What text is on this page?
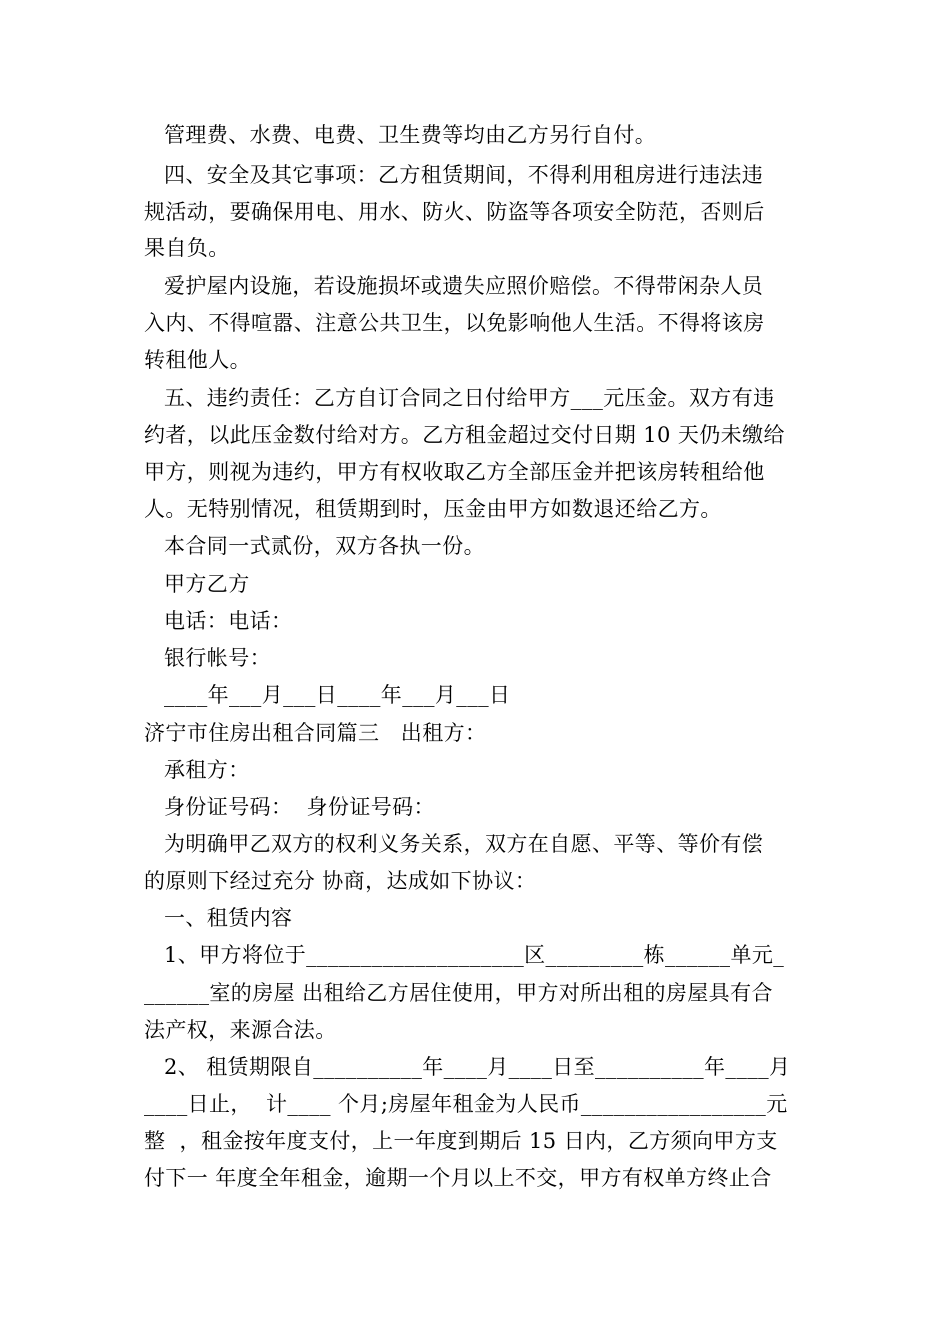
管理费、水费、电费、卫生费等均由乙方另行自付。
四、安全及其它事项：乙方租赁期间，不得利用租房进行违法违
规活动，要确保用电、用水、防火、防盗等各项安全防范，否则后
果自负。
爱护屋内设施，若设施损坏或遗失应照价赔偿。不得带闲杂人员
入内、不得喧嚣、注意公共卫生，以免影响他人生活。不得将该房
转租他人。
五、违约责任：乙方自订合同之日付给甲方___元压金。双方有违
约者，以此压金数付给对方。乙方租金超过交付日期 10 天仍未缴给
甲方，则视为违约，甲方有权收取乙方全部压金并把该房转租给他
人。无特别情况，租赁期到时，压金由甲方如数退还给乙方。
本合同一式贰份，双方各执一份。
甲方乙方
电话：电话：
银行帐号：
____年___月___日____年___月___日
济宁市住房出租合同篇三　出租方：
承租方：
身份证号码：  身份证号码：
为明确甲乙双方的权利义务关系，双方在自愿、平等、等价有偿
的原则下经过充分 协商，达成如下协议：
一、租赁内容
1、甲方将位于____________________区_________栋______单元_
______室的房屋 出租给乙方居住使用，甲方对所出租的房屋具有合
法产权，来源合法。
2、 租赁期限自__________年____月____日至__________年____月
____日止，  计____ 个月;房屋年租金为人民币_________________元
整  ，租金按年度支付，上一年度到期后 15 日内，乙方须向甲方支
付下一 年度全年租金，逾期一个月以上不交，甲方有权单方终止合
